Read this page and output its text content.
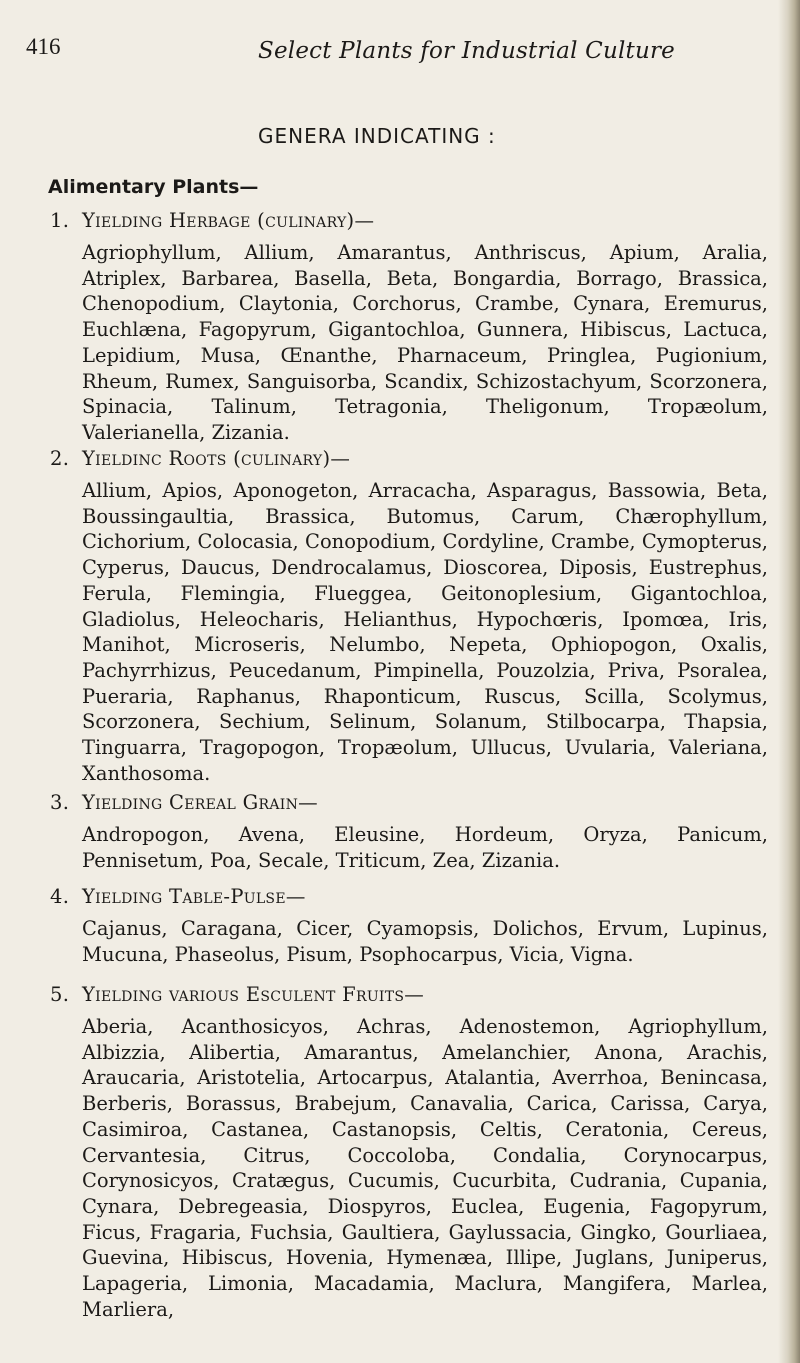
416	Select Plants for Industrial Culture
GENERA INDICATING :
Alimentary Plants—
1. Yielding Herbage (culinary)—
Agriophyllum, Allium, Amarantus, Anthriscus, Apium, Aralia, Atriplex, Barbarea, Basella, Beta, Bongardia, Borrago, Brassica, Chenopodium, Claytonia, Corchorus, Crambe, Cynara, Eremurus, Euchlæna, Fagopyrum, Gigantochloa, Gunnera, Hibiscus, Lactuca, Lepidium, Musa, Œnanthe, Pharnaceum, Pringlea, Pugionium, Rheum, Rumex, Sanguisorba, Scandix, Schizostachyum, Scorzonera, Spinacia, Talinum, Tetragonia, Theligonum, Tropæolum, Valerianella, Zizania.
2. Yieldinc Roots (culinary)—
Allium, Apios, Aponogeton, Arracacha, Asparagus, Bassowia, Beta, Boussingaultia, Brassica, Butomus, Carum, Chærophyllum, Cichorium, Colocasia, Conopodium, Cordyline, Crambe, Cymopterus, Cyperus, Daucus, Dendrocalamus, Dioscorea, Diposis, Eustrephus, Ferula, Flemingia, Flueggea, Geitonoplesium, Gigantochloa, Gladiolus, Heleocharis, Helianthus, Hypochœris, Ipomœa, Iris, Manihot, Microseris, Nelumbo, Nepeta, Ophiopogon, Oxalis, Pachyrrhizus, Peucedanum, Pimpinella, Pouzolzia, Priva, Psoralea, Pueraria, Raphanus, Rhaponticum, Ruscus, Scilla, Scolymus, Scorzonera, Sechium, Selinum, Solanum, Stilbocarpa, Thapsia, Tinguarra, Tragopogon, Tropæolum, Ullucus, Uvularia, Valeriana, Xanthosoma.
3. Yielding Cereal Grain—
Andropogon, Avena, Eleusine, Hordeum, Oryza, Panicum, Pennisetum, Poa, Secale, Triticum, Zea, Zizania.
4. Yielding Table-Pulse—
Cajanus, Caragana, Cicer, Cyamopsis, Dolichos, Ervum, Lupinus, Mucuna, Phaseolus, Pisum, Psophocarpus, Vicia, Vigna.
5. Yielding various Esculent Fruits—
Aberia, Acanthosicyos, Achras, Adenostemon, Agriophyllum, Albizzia, Alibertia, Amarantus, Amelanchier, Anona, Arachis, Araucaria, Aristotelia, Artocarpus, Atalantia, Averrhoa, Benincasa, Berberis, Borassus, Brabejum, Canavalia, Carica, Carissa, Carya, Casimiroa, Castanea, Castanopsis, Celtis, Ceratonia, Cereus, Cervantesia, Citrus, Coccoloba, Condalia, Corynocarpus, Corynosicyos, Cratægus, Cucumis, Cucurbita, Cudrania, Cupania, Cynara, Debregeasia, Diospyros, Euclea, Eugenia, Fagopyrum, Ficus, Fragaria, Fuchsia, Gaultiera, Gaylussacia, Gingko, Gourliaea, Guevina, Hibiscus, Hovenia, Hymenæa, Illipe, Juglans, Juniperus, Lapageria, Limonia, Macadamia, Maclura, Mangifera, Marlea, Marliera,
